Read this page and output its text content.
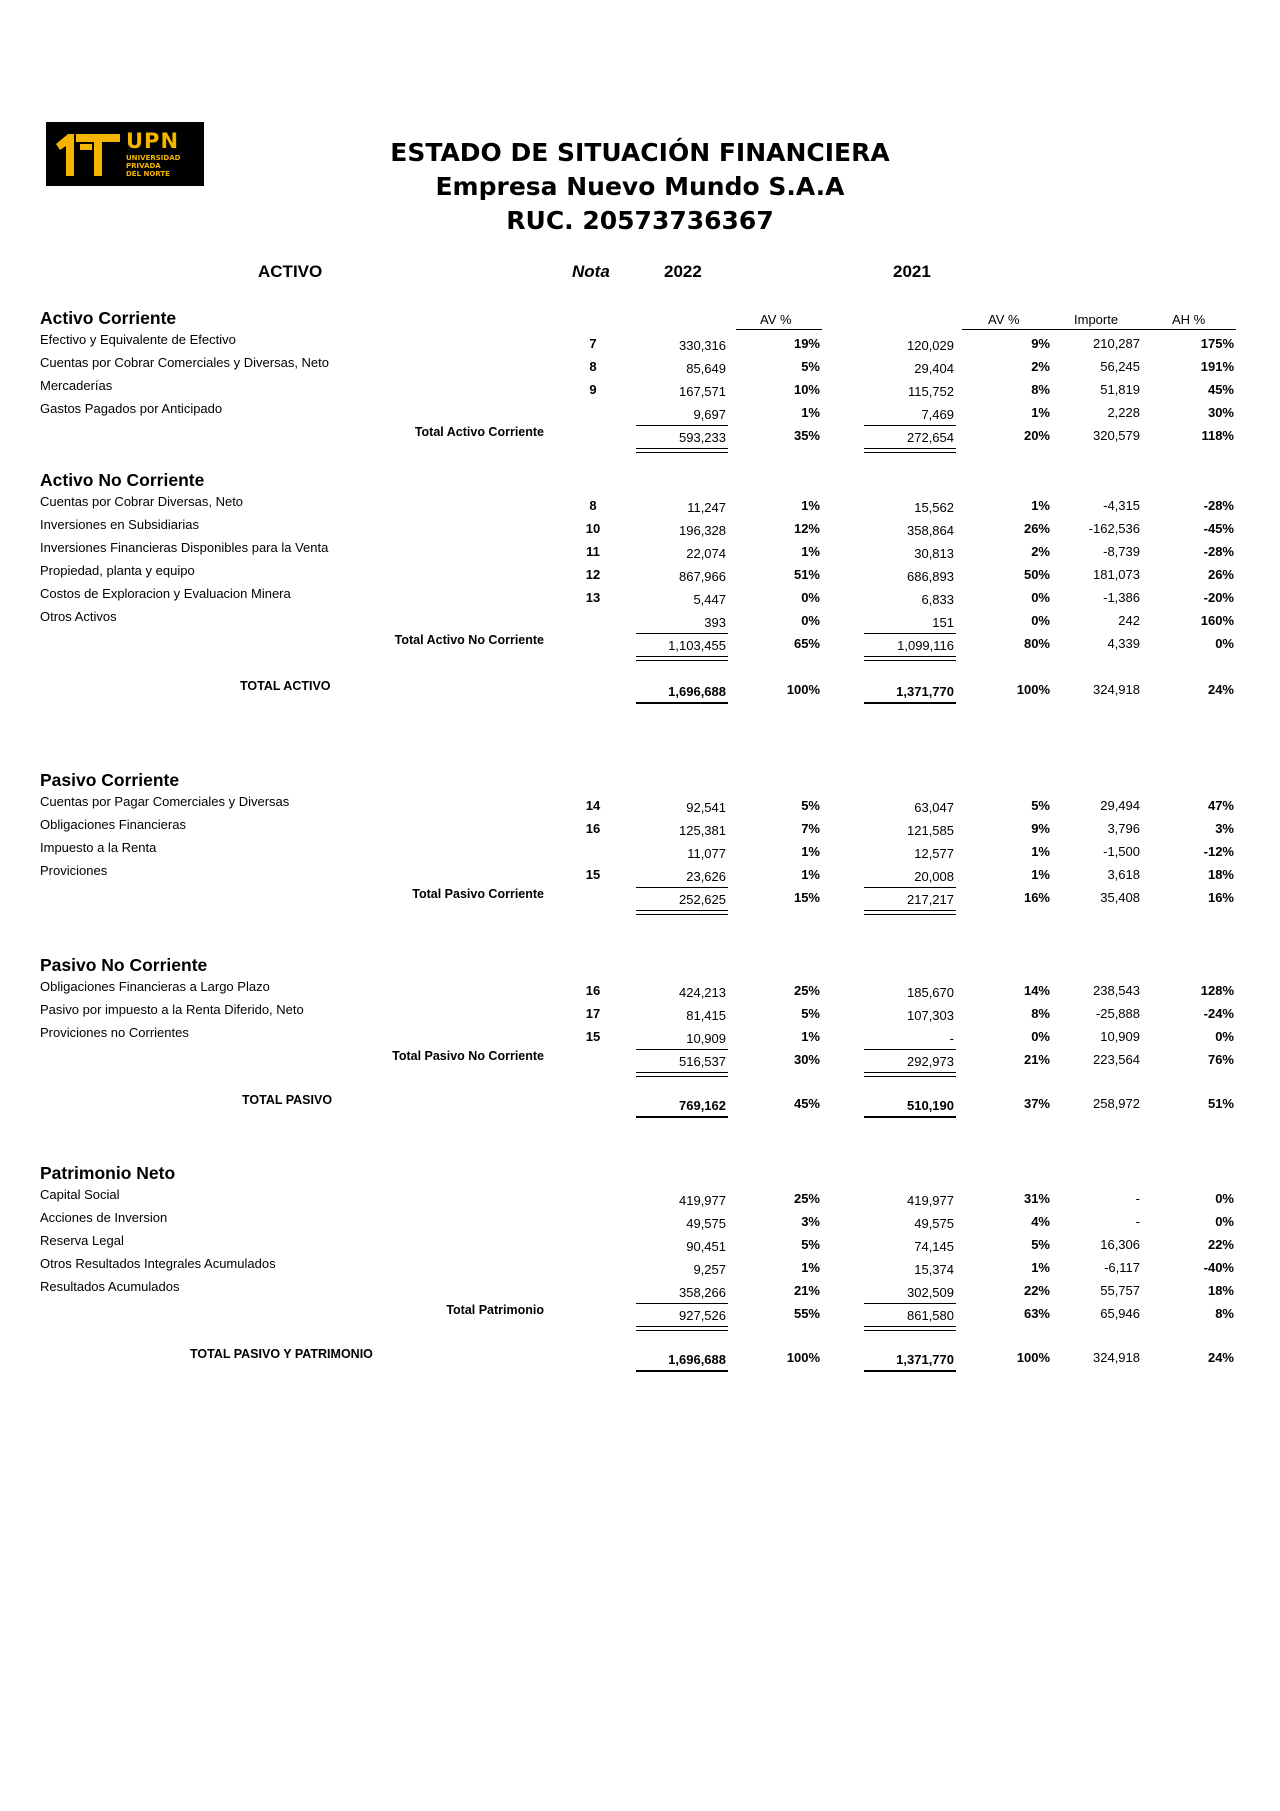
UPN
UNIVERSIDAD
PRIVADA
DEL NORTE
ESTADO DE SITUACIÓN FINANCIERA
Empresa Nuevo Mundo S.A.A
RUC. 20573736367
ACTIVO	Nota	2022	2021
AV %	AV %	Importe	AH %
Activo Corriente
Efectivo y Equivalente de Efectivo	7	330,316	19%	120,029	9%	210,287	175%
Cuentas por Cobrar Comerciales y Diversas, Neto	8	85,649	5%	29,404	2%	56,245	191%
Mercaderías	9	167,571	10%	115,752	8%	51,819	45%
Gastos Pagados por Anticipado	9,697	1%	7,469	1%	2,228	30%
Total Activo Corriente	593,233	35%	272,654	20%	320,579	118%
Activo No Corriente
Cuentas por Cobrar Diversas, Neto	8	11,247	1%	15,562	1%	-4,315	-28%
Inversiones en Subsidiarias	10	196,328	12%	358,864	26%	-162,536	-45%
Inversiones Financieras Disponibles para la Venta	11	22,074	1%	30,813	2%	-8,739	-28%
Propiedad, planta y equipo	12	867,966	51%	686,893	50%	181,073	26%
Costos de Exploracion y Evaluacion Minera	13	5,447	0%	6,833	0%	-1,386	-20%
Otros Activos	393	0%	151	0%	242	160%
Total Activo No Corriente	1,103,455	65%	1,099,116	80%	4,339	0%
Pasivo Corriente
Cuentas por Pagar Comerciales y Diversas	14	92,541	5%	63,047	5%	29,494	47%
Obligaciones Financieras	16	125,381	7%	121,585	9%	3,796	3%
Impuesto a la Renta	11,077	1%	12,577	1%	-1,500	-12%
Proviciones	15	23,626	1%	20,008	1%	3,618	18%
Total Pasivo Corriente	252,625	15%	217,217	16%	35,408	16%
Pasivo No Corriente
Obligaciones Financieras a Largo Plazo	16	424,213	25%	185,670	14%	238,543	128%
Pasivo por impuesto a la Renta Diferido, Neto	17	81,415	5%	107,303	8%	-25,888	-24%
Proviciones no Corrientes	15	10,909	1%	-	0%	10,909	0%
Total Pasivo No Corriente	516,537	30%	292,973	21%	223,564	76%
Patrimonio Neto
Capital Social	419,977	25%	419,977	31%	-	0%
Acciones de Inversion	49,575	3%	49,575	4%	-	0%
Reserva Legal	90,451	5%	74,145	5%	16,306	22%
Otros Resultados Integrales Acumulados	9,257	1%	15,374	1%	-6,117	-40%
Resultados Acumulados	358,266	21%	302,509	22%	55,757	18%
Total Patrimonio	927,526	55%	861,580	63%	65,946	8%
TOTAL ACTIVO	1,696,688	100%	1,371,770	100%	324,918	24%
TOTAL PASIVO	769,162	45%	510,190	37%	258,972	51%
TOTAL PASIVO Y PATRIMONIO	1,696,688	100%	1,371,770	100%	324,918	24%
